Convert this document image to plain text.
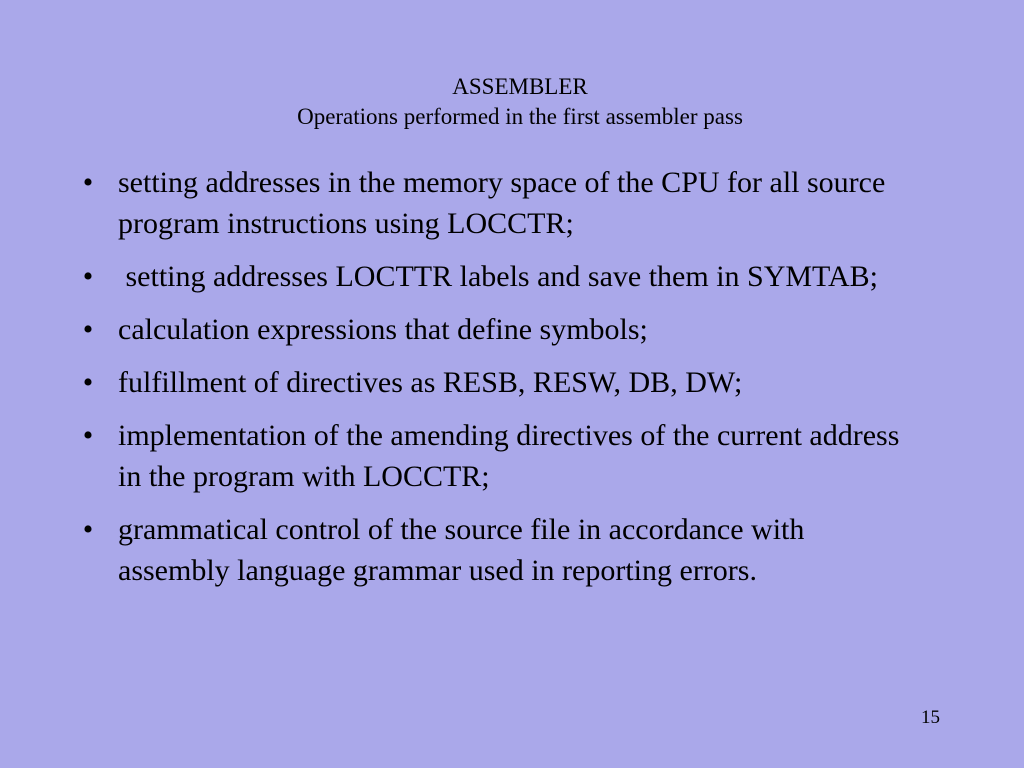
ASSEMBLER
Operations performed in the first assembler pass
• setting addresses in the memory space of the CPU for all source program instructions using LOCCTR;
• setting addresses LOCTTR labels and save them in SYMTAB;
• calculation expressions that define symbols;
• fulfillment of directives as RESB, RESW, DB, DW;
• implementation of the amending directives of the current address in the program with LOCCTR;
• grammatical control of the source file in accordance with assembly language grammar used in reporting errors.
15
